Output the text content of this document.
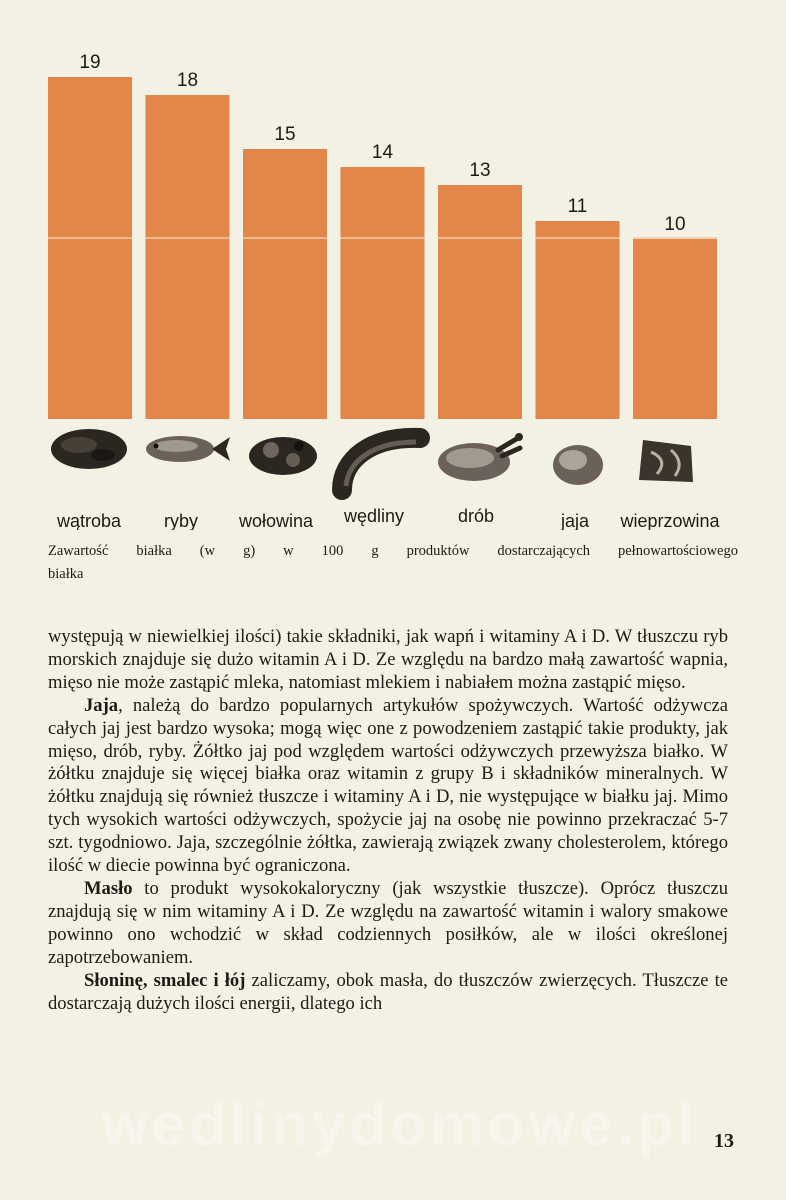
19
18
15
14
13
11
10
wątroba ryby wołowina wędliny	drób	jaja wieprzowina

Zawartość białka (w g) w 100 g produktów dostarczających pełnowartościowego

białka

występują w niewielkiej ilości) takie składniki, jak wapń i witaminy A i D. W tłuszczu ryb morskich znajduje się dużo witamin A i D. Ze względu na bardzo małą zawartość wapnia, mięso nie może zastąpić mleka, natomiast mlekiem i nabiałem można zastąpić mięso.

Jaja, należą do bardzo popularnych artykułów spożywczych. Wartość odżywcza całych jaj jest bardzo wysoka; mogą więc one z powodzeniem zastąpić takie produkty, jak mięso, drób, ryby. Żółtko jaj pod względem wartości odżywczych przewyższa białko. W żółtku znajduje się więcej białka oraz witamin z grupy B i składników mineralnych. W żółtku znajdują się również tłuszcze i witaminy A i D, nie występujące w białku jaj. Mimo tych wysokich wartości odżywczych, spożycie jaj na osobę nie powinno przekraczać 5-7 szt. tygodniowo. Jaja, szczególnie żółtka, zawierają związek zwany cholesterolem, którego ilość w diecie powinna być ograniczona.

Masło to produkt wysokokaloryczny (jak wszystkie tłuszcze). Oprócz tłuszczu znajdują się w nim witaminy A i D. Ze względu na zawartość witamin i walory smakowe powinno ono wchodzić w skład codziennych posiłków, ale w ilości określonej zapotrzebowaniem.

Słoninę, smalec i łój zaliczamy, obok masła, do tłuszczów zwierzęcych. Tłuszcze te dostarczają dużych ilości energii, dlatego ich

wedlinydomowe.pl 13
